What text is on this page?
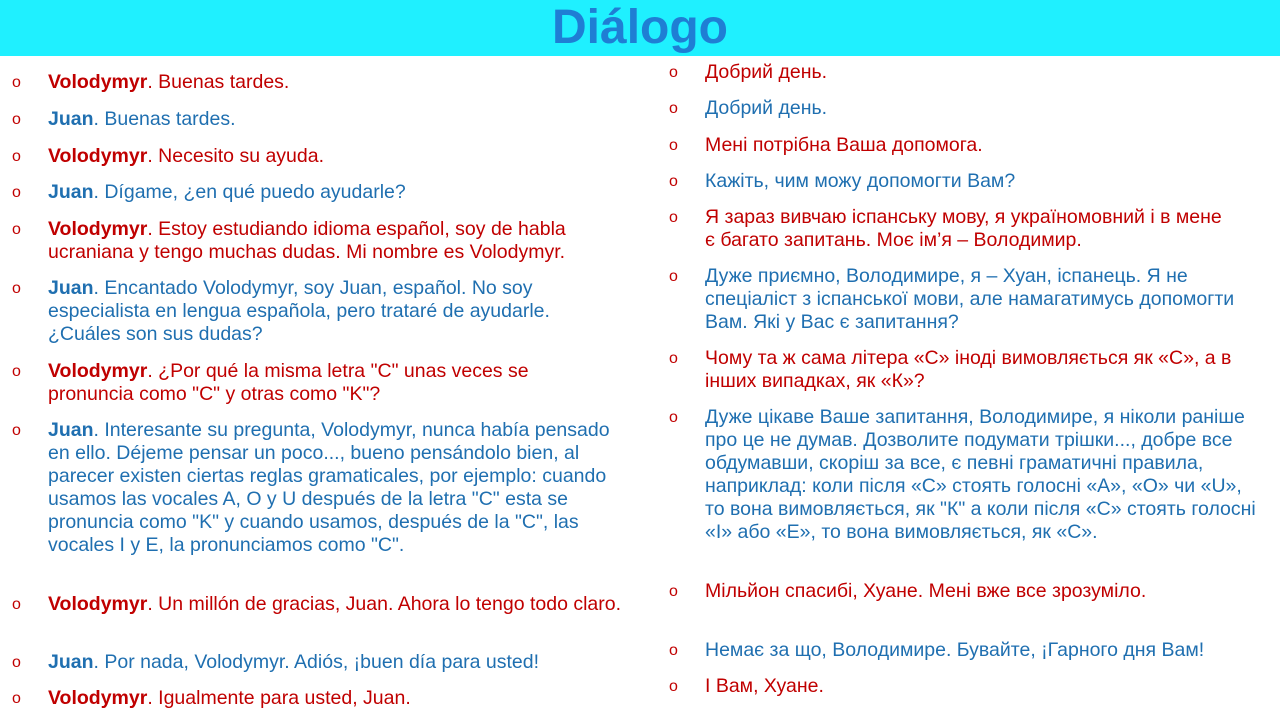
Diálogo
o Volodymyr. Buenas tardes.
o Juan. Buenas tardes.
o Volodymyr. Necesito su ayuda.
o Juan. Dígame, ¿en qué puedo ayudarle?
o Volodymyr. Estoy estudiando idioma español, soy de habla ucraniana y tengo muchas dudas. Mi nombre es Volodymyr.
o Juan. Encantado Volodymyr, soy Juan, español. No soy especialista en lengua española, pero trataré de ayudarle. ¿Cuáles son sus dudas?
o Volodymyr. ¿Por qué la misma letra "C" unas veces se pronuncia como "C" y otras como "K"?
o Juan. Interesante su pregunta, Volodymyr, nunca había pensado en ello. Déjeme pensar un poco..., bueno pensándolo bien, al parecer existen ciertas reglas gramaticales, por ejemplo: cuando usamos las vocales A, O y U después de la letra "C" esta se pronuncia como "K" y cuando usamos, después de la "C", las vocales I y E, la pronunciamos como "C".
o Volodymyr. Un millón de gracias, Juan. Ahora lo tengo todo claro.
o Juan. Por nada, Volodymyr. Adiós, ¡buen día para usted!
o Volodymyr. Igualmente para usted, Juan.
o Добрий день.
o Добрий день.
o Мені потрібна Ваша допомога.
o Кажіть, чим можу допомогти Вам?
o Я зараз вивчаю іспанську мову, я україномовний і в мене є багато запитань. Моє ім’я – Володимир.
o Дуже приємно, Володимире, я – Хуан, іспанець. Я не спеціаліст з іспанської мови, але намагатимусь допомогти Вам. Які у Вас є запитання?
o Чому та ж сама літера «С» іноді вимовляється як «С», а в інших випадках, як «К»?
o Дуже цікаве Ваше запитання, Володимире, я ніколи раніше про це не думав. Дозволите подумати трішки..., добре все обдумавши, скоріш за все, є певні граматичні правила, наприклад: коли після «С» стоять голосні «А», «О» чи «U», то вона вимовляється, як "К" а коли після «С» стоять голосні «І» або «Е», то вона вимовляється, як «С».
o Мільйон спасибі, Хуане. Мені вже все зрозуміло.
o Немає за що, Володимире. Бувайте, ¡Гарного дня Вам!
o І Вам, Хуане.
